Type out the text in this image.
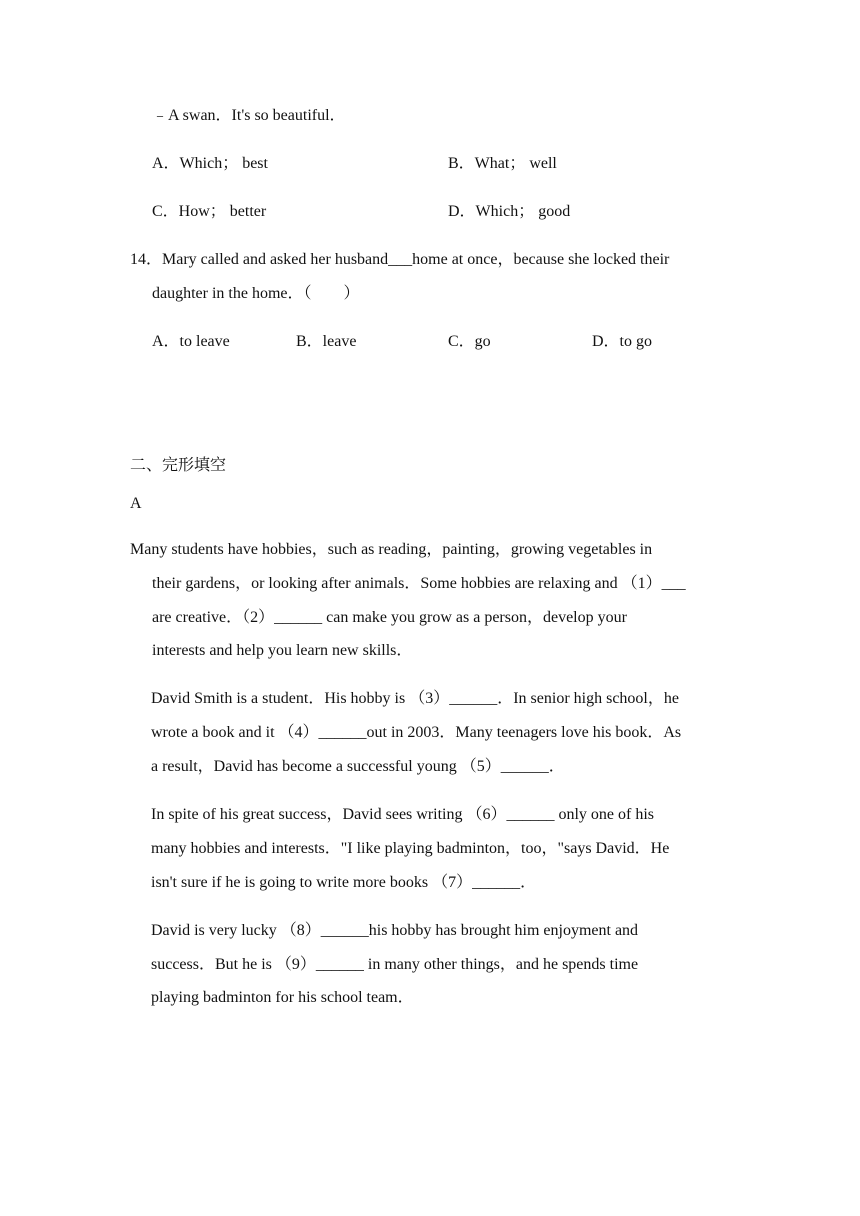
﹣A swan．It's so beautiful．
A．Which； best	B．What； well
C．How； better	D．Which； good
14．Mary called and asked her husband___home at once，because she locked their
daughter in the home．（　　）
A．to leave	B．leave	C．go	D．to go
二、完形填空
A
Many students have hobbies，such as reading，painting，growing vegetables in
their gardens，or looking after animals．Some hobbies are relaxing and （1）___
are creative．（2）______ can make you grow as a person，develop your
interests and help you learn new skills．
David Smith is a student．His hobby is （3）______．In senior high school，he
wrote a book and it （4）______out in 2003．Many teenagers love his book．As
a result，David has become a successful young （5）______．
In spite of his great success，David sees writing （6）______ only one of his
many hobbies and interests．"I like playing badminton，too，"says David．He
isn't sure if he is going to write more books （7）______．
David is very lucky （8）______his hobby has brought him enjoyment and
success．But he is （9）______ in many other things，and he spends time
playing badminton for his school team．
